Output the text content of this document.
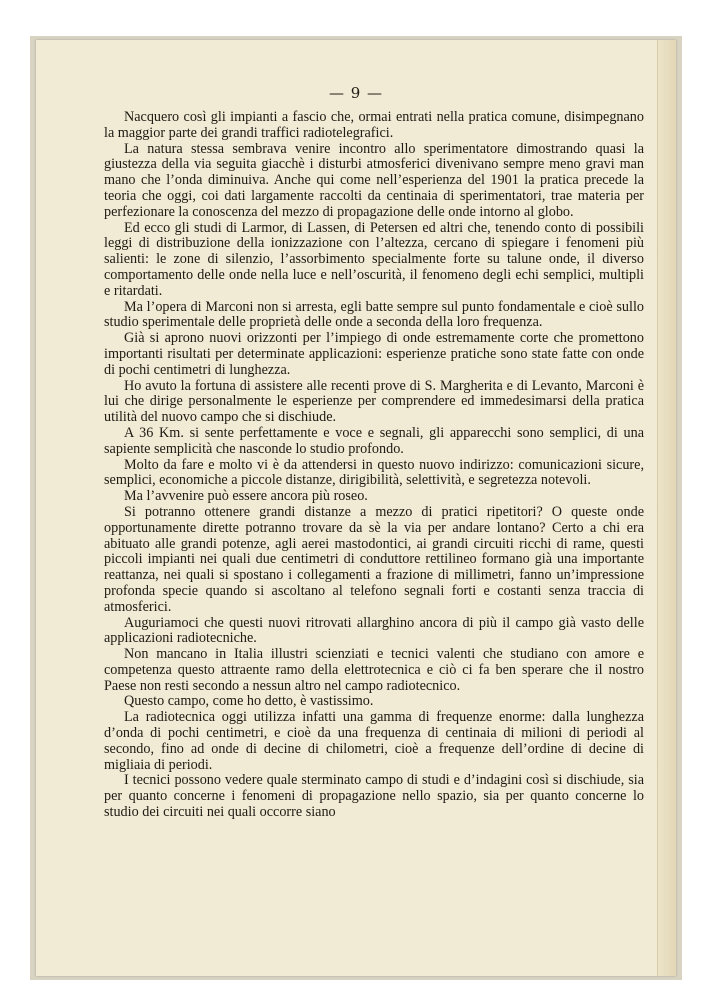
— 9 —

Nacquero così gli impianti a fascio che, ormai entrati nella pratica comune, disimpegnano la maggior parte dei grandi traffici radiotelegrafici.

La natura stessa sembrava venire incontro allo sperimentatore dimostrando quasi la giustezza della via seguita giacchè i disturbi atmosferici divenivano sempre meno gravi man mano che l’onda diminuiva. Anche qui come nell’esperienza del 1901 la pratica precede la teoria che oggi, coi dati largamente raccolti da centinaia di sperimentatori, trae materia per perfezionare la conoscenza del mezzo di propagazione delle onde intorno al globo.

Ed ecco gli studi di Larmor, di Lassen, di Petersen ed altri che, tenendo conto di possibili leggi di distribuzione della ionizzazione con l’altezza, cercano di spiegare i fenomeni più salienti: le zone di silenzio, l’assorbimento specialmente forte su talune onde, il diverso comportamento delle onde nella luce e nell’oscurità, il fenomeno degli echi semplici, multipli e ritardati.

Ma l’opera di Marconi non si arresta, egli batte sempre sul punto fondamentale e cioè sullo studio sperimentale delle proprietà delle onde a seconda della loro frequenza.

Già si aprono nuovi orizzonti per l’impiego di onde estremamente corte che promettono importanti risultati per determinate applicazioni: esperienze pratiche sono state fatte con onde di pochi centimetri di lunghezza.

Ho avuto la fortuna di assistere alle recenti prove di S. Margherita e di Levanto, Marconi è lui che dirige personalmente le esperienze per comprendere ed immedesimarsi della pratica utilità del nuovo campo che si dischiude.

A 36 Km. si sente perfettamente e voce e segnali, gli apparecchi sono semplici, di una sapiente semplicità che nasconde lo studio profondo.

Molto da fare e molto vi è da attendersi in questo nuovo indirizzo: comunicazioni sicure, semplici, economiche a piccole distanze, dirigibilità, selettività, e segretezza notevoli.

Ma l’avvenire può essere ancora più roseo.

Si potranno ottenere grandi distanze a mezzo di pratici ripetitori? O queste onde opportunamente dirette potranno trovare da sè la via per andare lontano? Certo a chi era abituato alle grandi potenze, agli aerei mastodontici, ai grandi circuiti ricchi di rame, questi piccoli impianti nei quali due centimetri di conduttore rettilineo formano già una importante reattanza, nei quali si spostano i collegamenti a frazione di millimetri, fanno un’impressione profonda specie quando si ascoltano al telefono segnali forti e costanti senza traccia di atmosferici.

Auguriamoci che questi nuovi ritrovati allarghino ancora di più il campo già vasto delle applicazioni radiotecniche.

Non mancano in Italia illustri scienziati e tecnici valenti che studiano con amore e competenza questo attraente ramo della elettrotecnica e ciò ci fa ben sperare che il nostro Paese non resti secondo a nessun altro nel campo radiotecnico.

Questo campo, come ho detto, è vastissimo.

La radiotecnica oggi utilizza infatti una gamma di frequenze enorme: dalla lunghezza d’onda di pochi centimetri, e cioè da una frequenza di centinaia di milioni di periodi al secondo, fino ad onde di decine di chilometri, cioè a frequenze dell’ordine di decine di migliaia di periodi.

I tecnici possono vedere quale sterminato campo di studi e d’indagini così si dischiude, sia per quanto concerne i fenomeni di propagazione nello spazio, sia per quanto concerne lo studio dei circuiti nei quali occorre siano
